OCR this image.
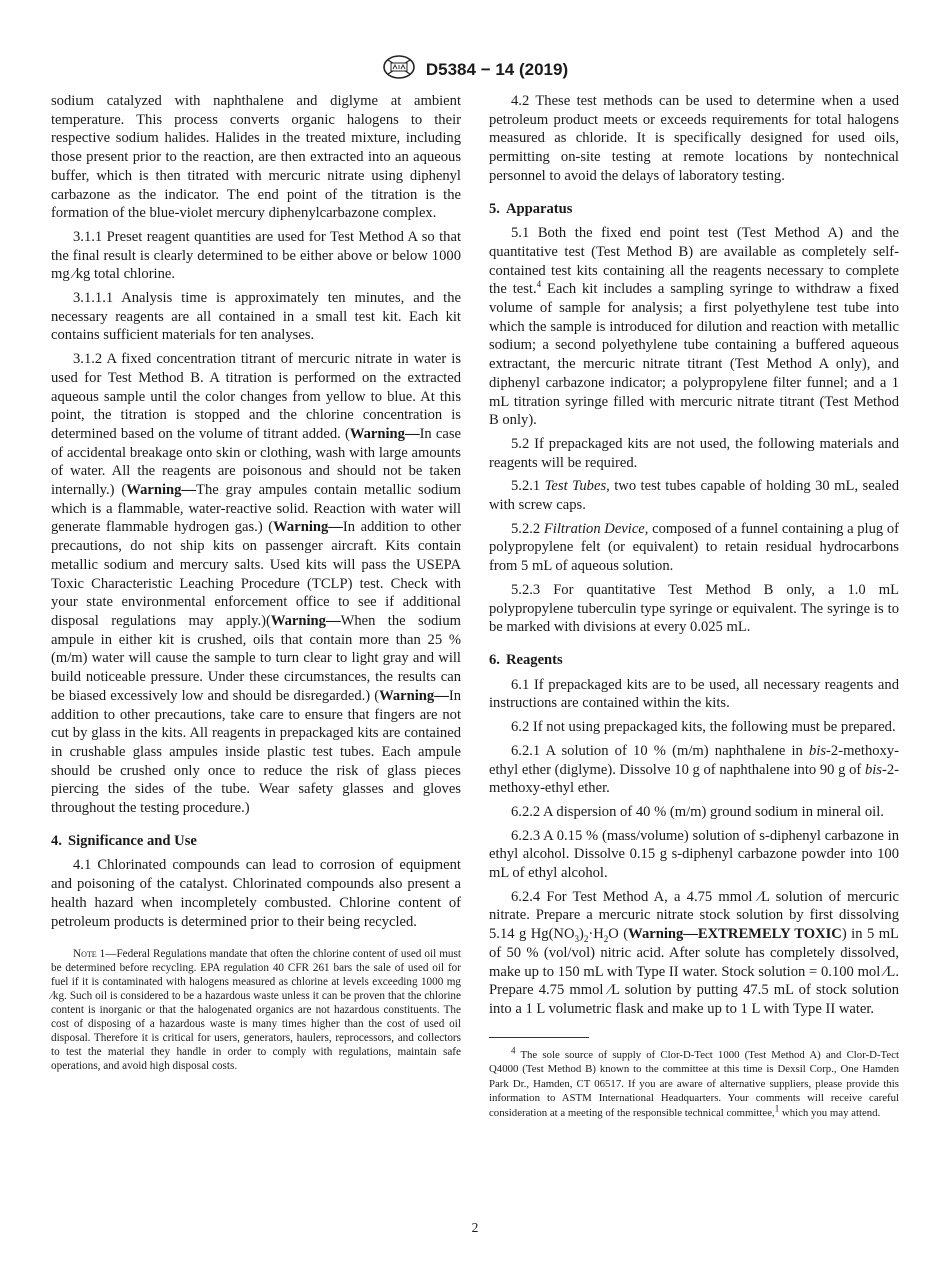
D5384 − 14 (2019)

sodium catalyzed with naphthalene and diglyme at ambient temperature. This process converts organic halogens to their respective sodium halides. Halides in the treated mixture, including those present prior to the reaction, are then extracted into an aqueous buffer, which is then titrated with mercuric nitrate using diphenyl carbazone as the indicator. The end point of the titration is the formation of the blue-violet mercury diphenylcarbazone complex.

3.1.1 Preset reagent quantities are used for Test Method A so that the final result is clearly determined to be either above or below 1000 mg ⁄kg total chlorine.

3.1.1.1 Analysis time is approximately ten minutes, and the necessary reagents are all contained in a small test kit. Each kit contains sufficient materials for ten analyses.

3.1.2 A fixed concentration titrant of mercuric nitrate in water is used for Test Method B. A titration is performed on the extracted aqueous sample until the color changes from yellow to blue. At this point, the titration is stopped and the chlorine concentration is determined based on the volume of titrant added. (Warning—In case of accidental breakage onto skin or clothing, wash with large amounts of water. All the reagents are poisonous and should not be taken internally.) (Warning—The gray ampules contain metallic sodium which is a flammable, water-reactive solid. Reaction with water will generate flammable hydrogen gas.) (Warning—In addition to other precautions, do not ship kits on passenger aircraft. Kits contain metallic sodium and mercury salts. Used kits will pass the USEPA Toxic Characteristic Leaching Procedure (TCLP) test. Check with your state environmental enforcement office to see if additional disposal regulations may apply.)(Warning—When the sodium ampule in either kit is crushed, oils that contain more than 25 % (m/m) water will cause the sample to turn clear to light gray and will build noticeable pressure. Under these circumstances, the results can be biased excessively low and should be disregarded.) (Warning—In addition to other precautions, take care to ensure that fingers are not cut by glass in the kits. All reagents in prepackaged kits are contained in crushable glass ampules inside plastic test tubes. Each ampule should be crushed only once to reduce the risk of glass pieces piercing the sides of the tube. Wear safety glasses and gloves throughout the testing procedure.)

4. Significance and Use

4.1 Chlorinated compounds can lead to corrosion of equipment and poisoning of the catalyst. Chlorinated compounds also present a health hazard when incompletely combusted. Chlorine content of petroleum products is determined prior to their being recycled.

Note 1—Federal Regulations mandate that often the chlorine content of used oil must be determined before recycling. EPA regulation 40 CFR 261 bars the sale of used oil for fuel if it is contaminated with halogens measured as chlorine at levels exceeding 1000 mg ⁄kg. Such oil is considered to be a hazardous waste unless it can be proven that the chlorine content is inorganic or that the halogenated organics are not hazardous constituents. The cost of disposing of a hazardous waste is many times higher than the cost of used oil disposal. Therefore it is critical for users, generators, haulers, reprocessors, and collectors to test the material they handle in order to comply with regulations, maintain safe operations, and avoid high disposal costs.

4.2 These test methods can be used to determine when a used petroleum product meets or exceeds requirements for total halogens measured as chloride. It is specifically designed for used oils, permitting on-site testing at remote locations by nontechnical personnel to avoid the delays of laboratory testing.

5. Apparatus

5.1 Both the fixed end point test (Test Method A) and the quantitative test (Test Method B) are available as completely self-contained test kits containing all the reagents necessary to complete the test.$^4$ Each kit includes a sampling syringe to withdraw a fixed volume of sample for analysis; a first polyethylene test tube into which the sample is introduced for dilution and reaction with metallic sodium; a second polyethylene tube containing a buffered aqueous extractant, the mercuric nitrate titrant (Test Method A only), and diphenyl carbazone indicator; a polypropylene filter funnel; and a 1 mL titration syringe filled with mercuric nitrate titrant (Test Method B only).

5.2 If prepackaged kits are not used, the following materials and reagents will be required.

5.2.1 Test Tubes, two test tubes capable of holding 30 mL, sealed with screw caps.

5.2.2 Filtration Device, composed of a funnel containing a plug of polypropylene felt (or equivalent) to retain residual hydrocarbons from 5 mL of aqueous solution.

5.2.3 For quantitative Test Method B only, a 1.0 mL polypropylene tuberculin type syringe or equivalent. The syringe is to be marked with divisions at every 0.025 mL.

6. Reagents

6.1 If prepackaged kits are to be used, all necessary reagents and instructions are contained within the kits.

6.2 If not using prepackaged kits, the following must be prepared.

6.2.1 A solution of 10 % (m/m) naphthalene in bis-2-methoxy-ethyl ether (diglyme). Dissolve 10 g of naphthalene into 90 g of bis-2-methoxy-ethyl ether.

6.2.2 A dispersion of 40 % (m/m) ground sodium in mineral oil.

6.2.3 A 0.15 % (mass/volume) solution of s-diphenyl carbazone in ethyl alcohol. Dissolve 0.15 g s-diphenyl carbazone powder into 100 mL of ethyl alcohol.

6.2.4 For Test Method A, a 4.75 mmol ⁄L solution of mercuric nitrate. Prepare a mercuric nitrate stock solution by first dissolving 5.14 g $Hg(NO_3)_2\cdot H_2O$ (Warning—EXTREMELY TOXIC) in 5 mL of 50 % (vol/vol) nitric acid. After solute has completely dissolved, make up to 150 mL with Type II water. Stock solution = 0.100 mol ⁄L. Prepare 4.75 mmol ⁄L solution by putting 47.5 mL of stock solution into a 1 L volumetric flask and make up to 1 L with Type II water.

$^4$ The sole source of supply of Clor-D-Tect 1000 (Test Method A) and Clor-D-Tect Q4000 (Test Method B) known to the committee at this time is Dexsil Corp., One Hamden Park Dr., Hamden, CT 06517. If you are aware of alternative suppliers, please provide this information to ASTM International Headquarters. Your comments will receive careful consideration at a meeting of the responsible technical committee,$^1$ which you may attend.
2
